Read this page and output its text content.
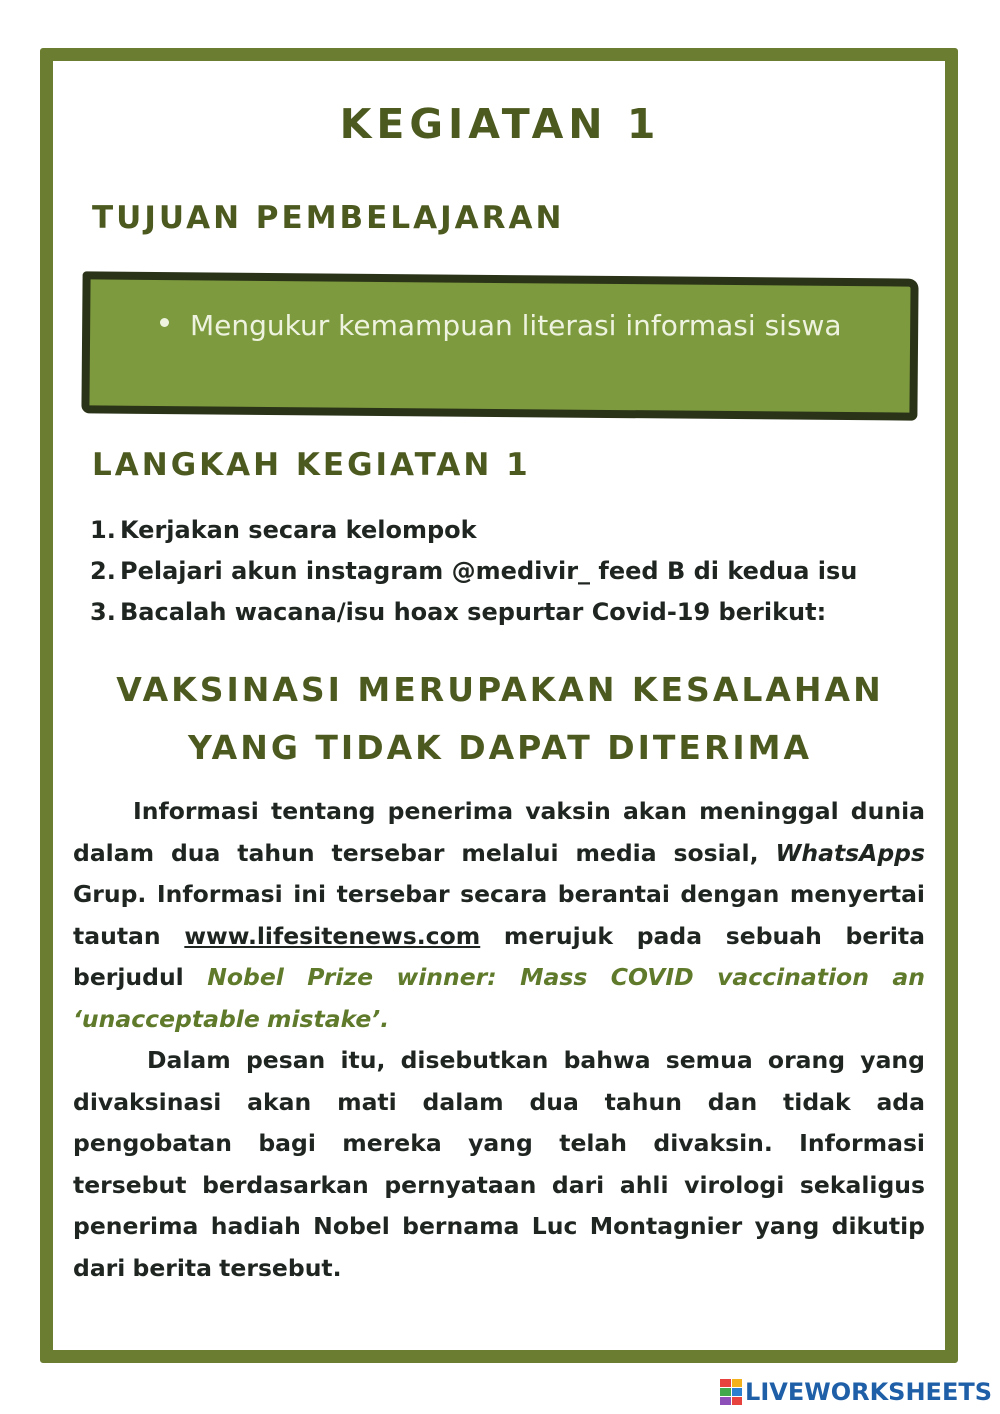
KEGIATAN 1
TUJUAN PEMBELAJARAN
Mengukur kemampuan literasi informasi siswa
LANGKAH KEGIATAN 1
1. Kerjakan secara kelompok
2. Pelajari akun instagram @medivir_ feed B di kedua isu
3. Bacalah wacana/isu hoax sepurtar Covid-19 berikut:
VAKSINASI MERUPAKAN KESALAHAN
YANG TIDAK DAPAT DITERIMA
Informasi tentang penerima vaksin akan meninggal dunia dalam dua tahun tersebar melalui media sosial, WhatsApps Grup. Informasi ini tersebar secara berantai dengan menyertai tautan www.lifesitenews.com merujuk pada sebuah berita berjudul Nobel Prize winner: Mass COVID vaccination an ‘unacceptable mistake’.
Dalam pesan itu, disebutkan bahwa semua orang yang divaksinasi akan mati dalam dua tahun dan tidak ada pengobatan bagi mereka yang telah divaksin. Informasi tersebut berdasarkan pernyataan dari ahli virologi sekaligus penerima hadiah Nobel bernama Luc Montagnier yang dikutip dari berita tersebut.
LIVEWORKSHEETS
